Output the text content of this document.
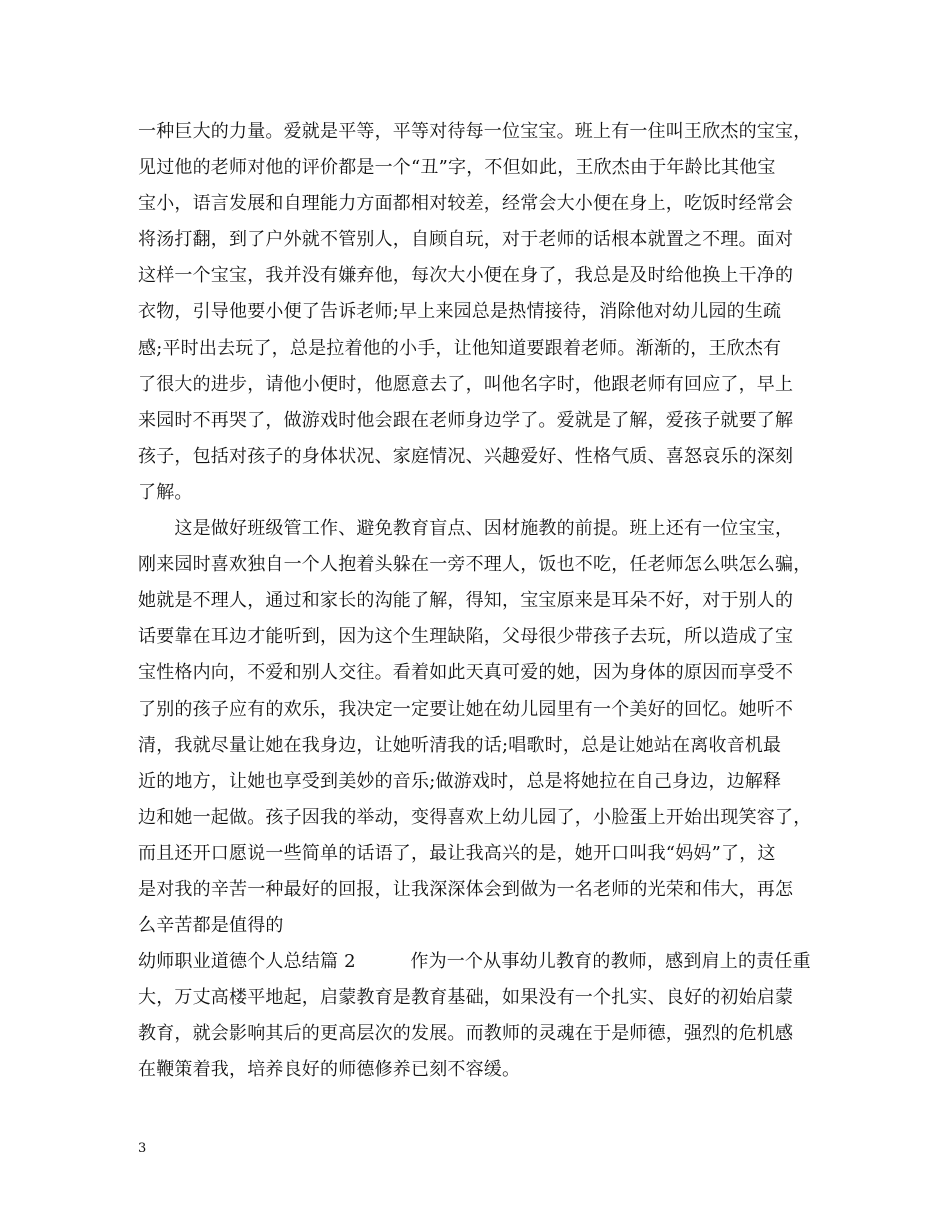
一种巨大的力量。爱就是平等，平等对待每一位宝宝。班上有一住叫王欣杰的宝宝，
见过他的老师对他的评价都是一个“丑”字，不但如此，王欣杰由于年龄比其他宝
宝小，语言发展和自理能力方面都相对较差，经常会大小便在身上，吃饭时经常会
将汤打翻，到了户外就不管别人，自顾自玩，对于老师的话根本就置之不理。面对
这样一个宝宝，我并没有嫌弃他，每次大小便在身了，我总是及时给他换上干净的
衣物，引导他要小便了告诉老师;早上来园总是热情接待，消除他对幼儿园的生疏
感;平时出去玩了，总是拉着他的小手，让他知道要跟着老师。渐渐的，王欣杰有
了很大的进步，请他小便时，他愿意去了，叫他名字时，他跟老师有回应了，早上
来园时不再哭了，做游戏时他会跟在老师身边学了。爱就是了解，爱孩子就要了解
孩子，包括对孩子的身体状况、家庭情况、兴趣爱好、性格气质、喜怒哀乐的深刻
了解。
　　这是做好班级管工作、避免教育盲点、因材施教的前提。班上还有一位宝宝，
刚来园时喜欢独自一个人抱着头躲在一旁不理人，饭也不吃，任老师怎么哄怎么骗，
她就是不理人，通过和家长的沟能了解，得知，宝宝原来是耳朵不好，对于别人的
话要靠在耳边才能听到，因为这个生理缺陷，父母很少带孩子去玩，所以造成了宝
宝性格内向，不爱和别人交往。看着如此天真可爱的她，因为身体的原因而享受不
了别的孩子应有的欢乐，我决定一定要让她在幼儿园里有一个美好的回忆。她听不
清，我就尽量让她在我身边，让她听清我的话;唱歌时，总是让她站在离收音机最
近的地方，让她也享受到美妙的音乐;做游戏时，总是将她拉在自己身边，边解释
边和她一起做。孩子因我的举动，变得喜欢上幼儿园了，小脸蛋上开始出现笑容了，
而且还开口愿说一些简单的话语了，最让我高兴的是，她开口叫我“妈妈”了，这
是对我的辛苦一种最好的回报，让我深深体会到做为一名老师的光荣和伟大，再怎
么辛苦都是值得的
幼师职业道德个人总结篇 2　　　作为一个从事幼儿教育的教师，感到肩上的责任重
大，万丈高楼平地起，启蒙教育是教育基础，如果没有一个扎实、良好的初始启蒙
教育，就会影响其后的更高层次的发展。而教师的灵魂在于是师德，强烈的危机感
在鞭策着我，培养良好的师德修养已刻不容缓。
3
